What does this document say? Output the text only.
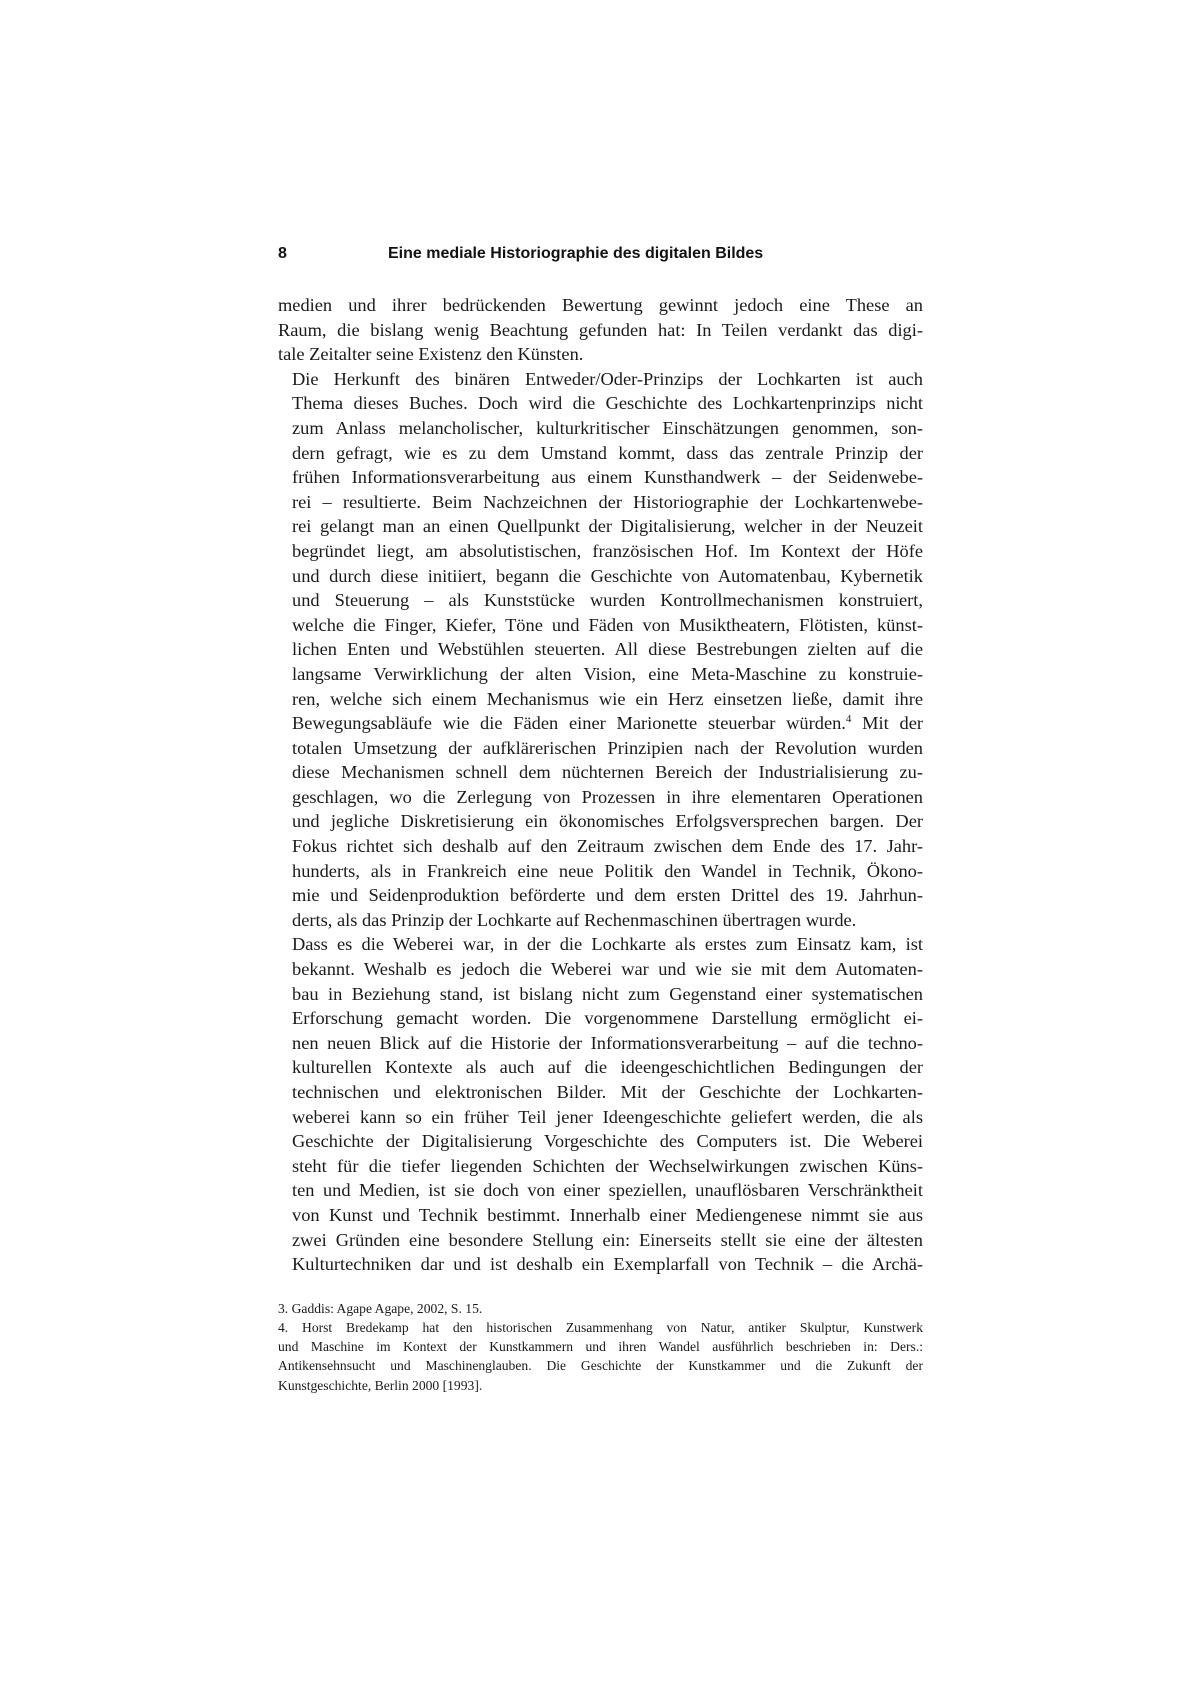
8	Eine mediale Historiographie des digitalen Bildes
medien und ihrer bedrückenden Bewertung gewinnt jedoch eine These an
Raum, die bislang wenig Beachtung gefunden hat: In Teilen verdankt das digi-
tale Zeitalter seine Existenz den Künsten.
Die Herkunft des binären Entweder/Oder-Prinzips der Lochkarten ist auch
Thema dieses Buches. Doch wird die Geschichte des Lochkartenprinzips nicht
zum Anlass melancholischer, kulturkritischer Einschätzungen genommen, son-
dern gefragt, wie es zu dem Umstand kommt, dass das zentrale Prinzip der
frühen Informationsverarbeitung aus einem Kunsthandwerk – der Seidenwebe-
rei – resultierte. Beim Nachzeichnen der Historiographie der Lochkartenwebe-
rei gelangt man an einen Quellpunkt der Digitalisierung, welcher in der Neuzeit
begründet liegt, am absolutistischen, französischen Hof. Im Kontext der Höfe
und durch diese initiiert, begann die Geschichte von Automatenbau, Kybernetik
und Steuerung – als Kunststücke wurden Kontrollmechanismen konstruiert,
welche die Finger, Kiefer, Töne und Fäden von Musiktheatern, Flötisten, künst-
lichen Enten und Webstühlen steuerten. All diese Bestrebungen zielten auf die
langsame Verwirklichung der alten Vision, eine Meta-Maschine zu konstruie-
ren, welche sich einem Mechanismus wie ein Herz einsetzen ließe, damit ihre
Bewegungsabläufe wie die Fäden einer Marionette steuerbar würden.$^4$ Mit der
totalen Umsetzung der aufklärerischen Prinzipien nach der Revolution wurden
diese Mechanismen schnell dem nüchternen Bereich der Industrialisierung zu-
geschlagen, wo die Zerlegung von Prozessen in ihre elementaren Operationen
und jegliche Diskretisierung ein ökonomisches Erfolgsversprechen bargen. Der
Fokus richtet sich deshalb auf den Zeitraum zwischen dem Ende des 17. Jahr-
hunderts, als in Frankreich eine neue Politik den Wandel in Technik, Ökono-
mie und Seidenproduktion beförderte und dem ersten Drittel des 19. Jahrhun-
derts, als das Prinzip der Lochkarte auf Rechenmaschinen übertragen wurde.
Dass es die Weberei war, in der die Lochkarte als erstes zum Einsatz kam, ist
bekannt. Weshalb es jedoch die Weberei war und wie sie mit dem Automaten-
bau in Beziehung stand, ist bislang nicht zum Gegenstand einer systematischen
Erforschung gemacht worden. Die vorgenommene Darstellung ermöglicht ei-
nen neuen Blick auf die Historie der Informationsverarbeitung – auf die techno-
kulturellen Kontexte als auch auf die ideengeschichtlichen Bedingungen der
technischen und elektronischen Bilder. Mit der Geschichte der Lochkarten-
weberei kann so ein früher Teil jener Ideengeschichte geliefert werden, die als
Geschichte der Digitalisierung Vorgeschichte des Computers ist. Die Weberei
steht für die tiefer liegenden Schichten der Wechselwirkungen zwischen Küns-
ten und Medien, ist sie doch von einer speziellen, unauflösbaren Verschränktheit
von Kunst und Technik bestimmt. Innerhalb einer Mediengenese nimmt sie aus
zwei Gründen eine besondere Stellung ein: Einerseits stellt sie eine der ältesten
Kulturtechniken dar und ist deshalb ein Exemplarfall von Technik – die Archä-
3. Gaddis: Agape Agape, 2002, S. 15.
4. Horst Bredekamp hat den historischen Zusammenhang von Natur, antiker Skulptur, Kunstwerk
und Maschine im Kontext der Kunstkammern und ihren Wandel ausführlich beschrieben in: Ders.:
Antikensehnsucht und Maschinenglauben. Die Geschichte der Kunstkammer und die Zukunft der
Kunstgeschichte, Berlin 2000 [1993].
